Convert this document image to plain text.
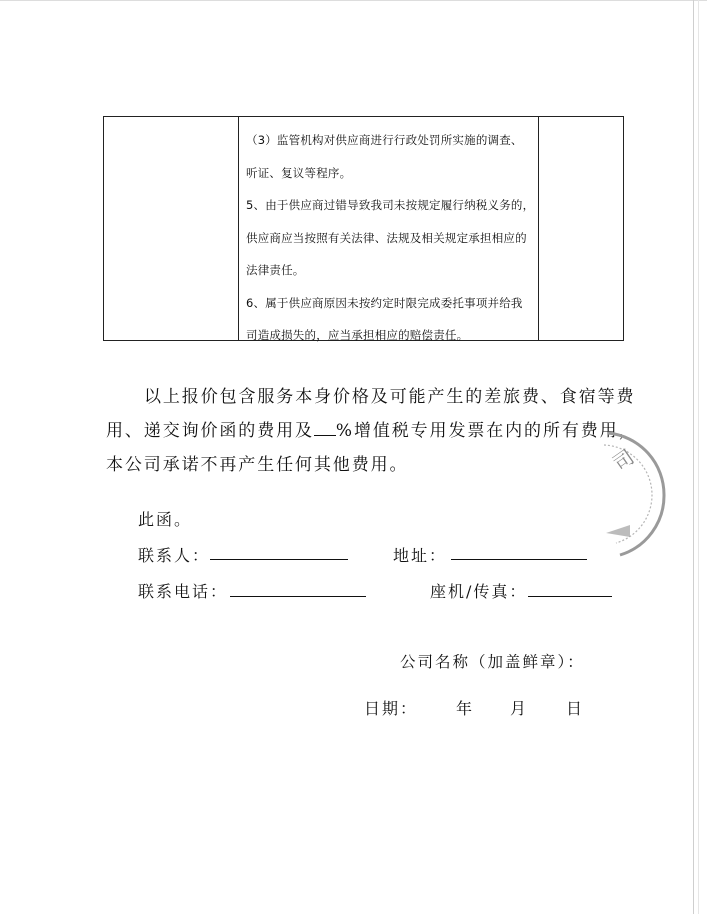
（3）监管机构对供应商进行行政处罚所实施的调查、
听证、复议等程序。
5、由于供应商过错导致我司未按规定履行纳税义务的，
供应商应当按照有关法律、法规及相关规定承担相应的
法律责任。
6、属于供应商原因未按约定时限完成委托事项并给我
司造成损失的，应当承担相应的赔偿责任。
以上报价包含服务本身价格及可能产生的差旅费、食宿等费
用、递交询价函的费用及 %增值税专用发票在内的所有费用，
本公司承诺不再产生任何其他费用。
此函。
联系人：	地址：
联系电话：	座机/传真：
公司名称（加盖鲜章）：
日期： 年 月 日
司
